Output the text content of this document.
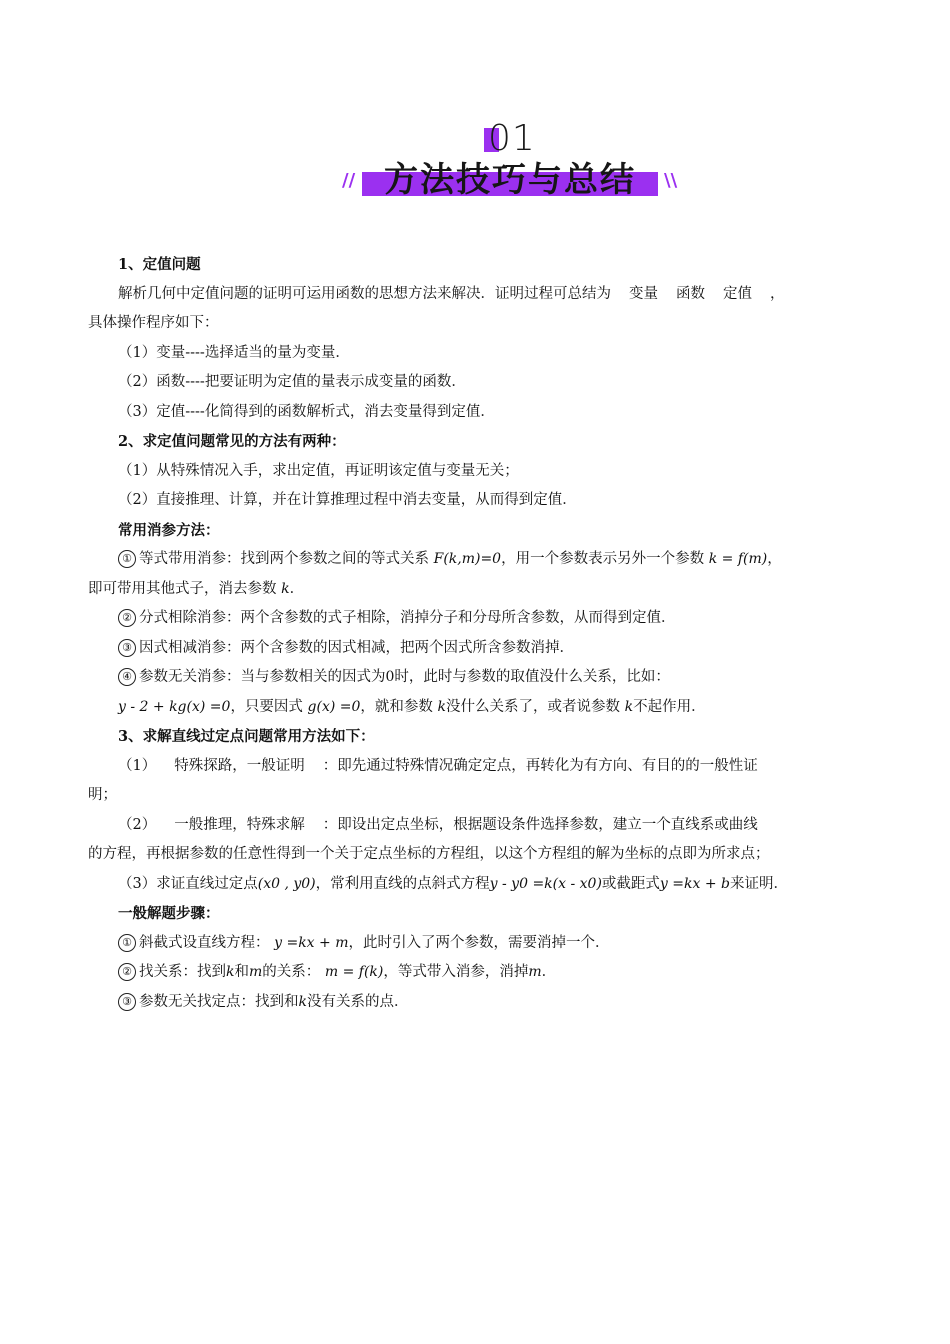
01
// 方法技巧与总结	\\

1、定值问题

解析几何中定值问题的证明可运用函数的思想方法来解决．证明过程可总结为 变量 函数 定值 ，

具体操作程序如下：

（1）变量----选择适当的量为变量．

（2）函数----把要证明为定值的量表示成变量的函数．

（3）定值----化简得到的函数解析式，消去变量得到定值．

2、求定值问题常见的方法有两种：

（1）从特殊情况入手，求出定值，再证明该定值与变量无关；

（2）直接推理、计算，并在计算推理过程中消去变量，从而得到定值．

常用消参方法：

① 等式带用消参：找到两个参数之间的等式关系 F(k,m)=0，用一个参数表示另外一个参数 k = f(m)，

即可带用其他式子，消去参数 k．

② 分式相除消参：两个含参数的式子相除，消掉分子和分母所含参数，从而得到定值．

③ 因式相减消参：两个含参数的因式相减，把两个因式所含参数消掉．

④ 参数无关消参：当与参数相关的因式为0时，此时与参数的取值没什么关系，比如：

y - 2 + kg(x) =0，只要因式 g(x) =0，就和参数 k没什么关系了，或者说参数 k不起作用．

3、求解直线过定点问题常用方法如下：

（1） 特殊探路，一般证明 ：即先通过特殊情况确定定点，再转化为有方向、有目的的一般性证

明；

（2） 一般推理，特殊求解 ：即设出定点坐标，根据题设条件选择参数，建立一个直线系或曲线

的方程，再根据参数的任意性得到一个关于定点坐标的方程组，以这个方程组的解为坐标的点即为所求点；

（3）求证直线过定点(x0 , y0)，常利用直线的点斜式方程y - y0 =k(x - x0)或截距式y =kx + b来证明．

一般解题步骤：

① 斜截式设直线方程： y =kx + m，此时引入了两个参数，需要消掉一个．

② 找关系：找到k和m的关系： m = f(k)，等式带入消参，消掉m．

③ 参数无关找定点：找到和k没有关系的点．
